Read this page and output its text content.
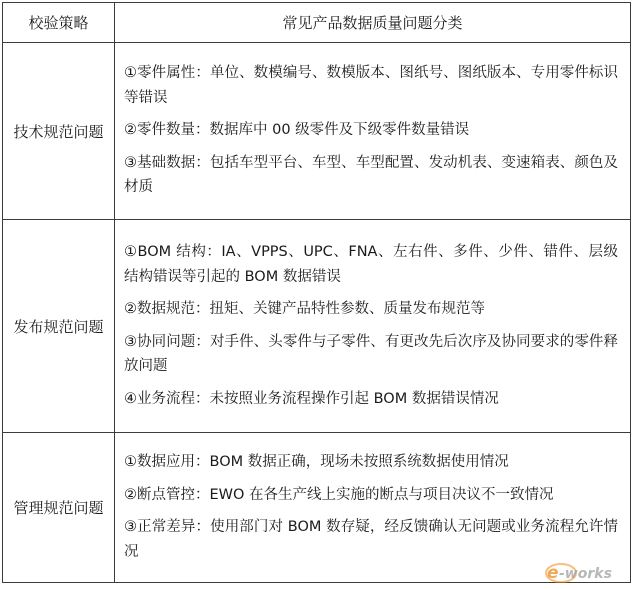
校验策略	常见产品数据质量问题分类
技术规范问题	①零件属性：单位、数模编号、数模版本、图纸号、图纸版本、专用零件标识等错误

②零件数量：数据库中 00 级零件及下级零件数量错误

③基础数据：包括车型平台、车型、车型配置、发动机表、变速箱表、颜色及材质

发布规范问题	①BOM 结构：IA、VPPS、UPC、FNA、左右件、多件、少件、错件、层级结构错误等引起的 BOM 数据错误

②数据规范：扭矩、关键产品特性参数、质量发布规范等

③协同问题：对手件、头零件与子零件、有更改先后次序及协同要求的零件释放问题

④业务流程：未按照业务流程操作引起 BOM 数据错误情况

管理规范问题	①数据应用：BOM 数据正确，现场未按照系统数据使用情况

②断点管控：EWO 在各生产线上实施的断点与项目决议不一致情况

③正常差异：使用部门对 BOM 数存疑，经反馈确认无问题或业务流程允许情况

e -works
